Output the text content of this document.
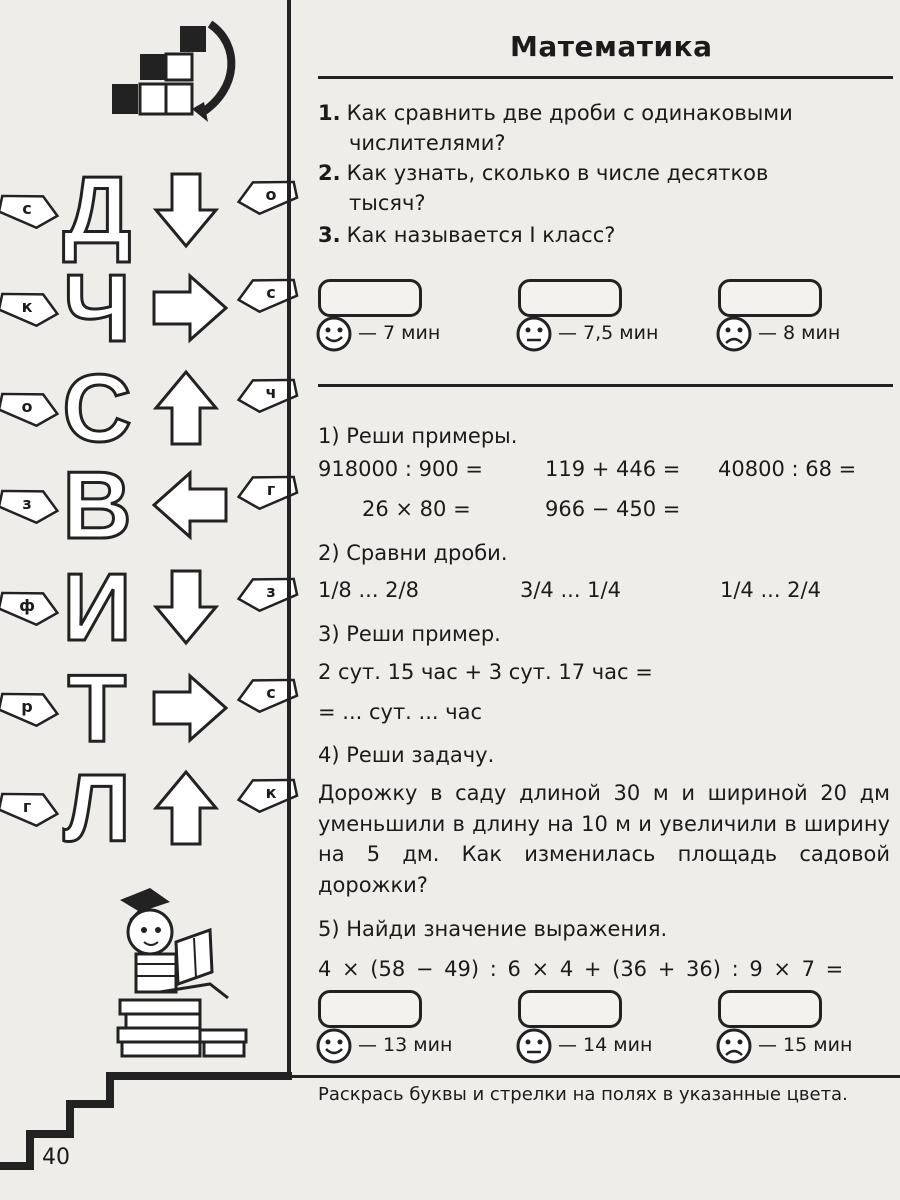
с Д	о
к Ч	с
о С	ч
з В	г
ф И	з
р Т	с
г Л	к
Математика
1. Как сравнить две дроби с одинаковыми
числителями?
2. Как узнать, сколько в числе десятков
тысяч?
3. Как называется I класс?
— 7 мин	— 7,5 мин	— 8 мин
1) Реши примеры.
918000 : 900 =	119 + 446 = 40800 : 68 =
26 × 80 =	966 − 450 =
2) Сравни дроби.
1/8 ... 2/8	3/4 ... 1/4	1/4 ... 2/4
3) Реши пример.
2 сут. 15 час + 3 сут. 17 час =
= ... сут. ... час
4) Реши задачу.
Дорожку в саду длиной 30 м и шириной 20 дм уменьшили в длину на 10 м и увеличили в ширину на 5 дм. Как изменилась площадь садовой дорожки?
5) Найди значение выражения.
4 × (58 − 49) : 6 × 4 + (36 + 36) : 9 × 7 =
— 13 мин	— 14 мин	— 15 мин
Раскрась буквы и стрелки на полях в указанные цвета.
40
